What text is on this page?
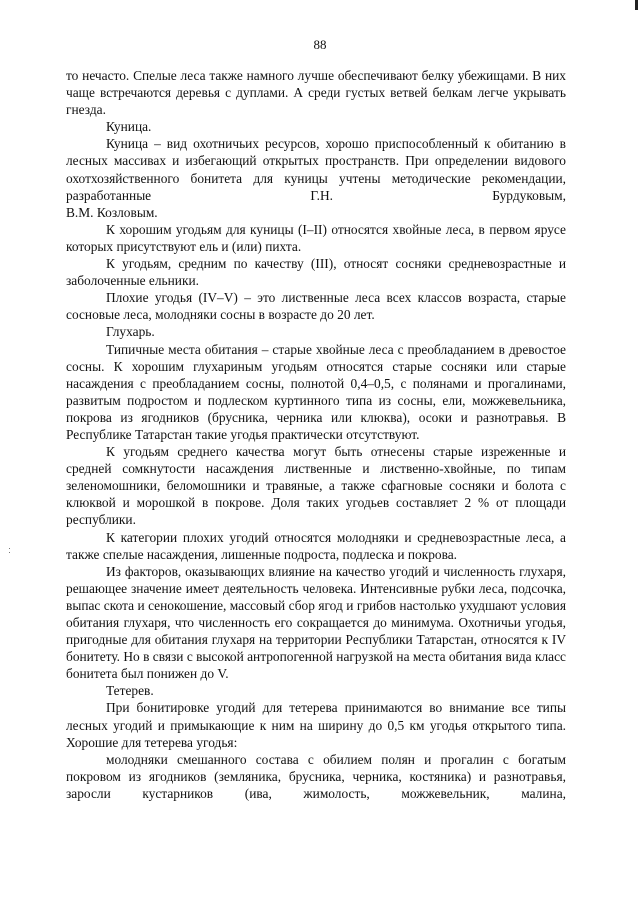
88

то нечасто. Спелые леса также намного лучше обеспечивают белку убежищами. В них чаще встречаются деревья с дуплами. А среди густых ветвей белкам легче укрывать гнезда.

Куница.

Куница – вид охотничьих ресурсов, хорошо приспособленный к обитанию в лесных массивах и избегающий открытых пространств. При определении видового охотхозяйственного бонитета для куницы учтены методические рекомендации, разработанные Г.Н. Бурдуковым,

В.М. Козловым.

К хорошим угодьям для куницы (I–II) относятся хвойные леса, в первом ярусе которых присутствуют ель и (или) пихта.

К угодьям, средним по качеству (III), относят сосняки средневозрастные и заболоченные ельники.

Плохие угодья (IV–V) – это лиственные леса всех классов возраста, старые сосновые леса, молодняки сосны в возрасте до 20 лет.

Глухарь.

Типичные места обитания – старые хвойные леса с преобладанием в древостое сосны. К хорошим глухариным угодьям относятся старые сосняки или старые насаждения с преобладанием сосны, полнотой 0,4–0,5, с полянами и прогалинами, развитым подростом и подлеском куртинного типа из сосны, ели, можжевельника, покрова из ягодников (брусника, черника или клюква), осоки и разнотравья. В Республике Татарстан такие угодья практически отсутствуют.

К угодьям среднего качества могут быть отнесены старые изреженные и средней сомкнутости насаждения лиственные и лиственно-хвойные, по типам зеленомошники, беломошники и травяные, а также сфагновые сосняки и болота с клюквой и морошкой в покрове. Доля таких угодьев составляет 2 % от площади республики.

К категории плохих угодий относятся молодняки и средневозрастные леса, а также спелые насаждения, лишенные подроста, подлеска и покрова.

Из факторов, оказывающих влияние на качество угодий и численность глухаря, решающее значение имеет деятельность человека. Интенсивные рубки леса, подсочка, выпас скота и сенокошение, массовый сбор ягод и грибов настолько ухудшают условия обитания глухаря, что численность его сокращается до минимума. Охотничьи угодья, пригодные для обитания глухаря на территории Республики Татарстан, относятся к IV бонитету. Но в связи с высокой антропогенной нагрузкой на места обитания вида класс бонитета был понижен до V.

Тетерев.

При бонитировке угодий для тетерева принимаются во внимание все типы лесных угодий и примыкающие к ним на ширину до 0,5 км угодья открытого типа. Хорошие для тетерева угодья:

молодняки смешанного состава с обилием полян и прогалин с богатым покровом из ягодников (земляника, брусника, черника, костяника) и разнотравья, заросли кустарников (ива, жимолость, можжевельник, малина,
